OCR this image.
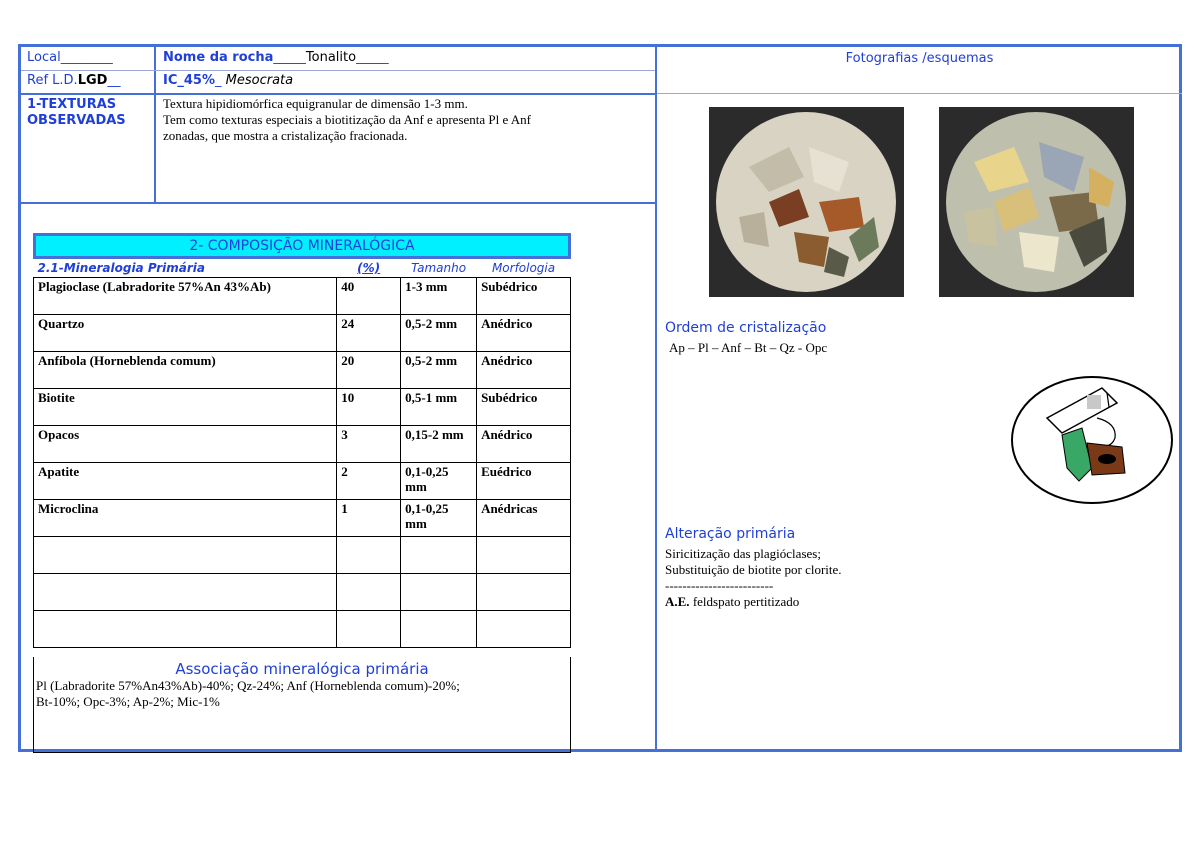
Local________
Ref L.D.LGD__
Nome da rocha_____Tonalito_____
IC_45%_ Mesocrata
Fotografias /esquemas
1-TEXTURAS
OBSERVADAS
Textura hipidiomórfica equigranular de dimensão 1-3 mm.
Tem como texturas especiais a biotitização da Anf e apresenta Pl e Anf
zonadas, que mostra a cristalização fracionada.
2- COMPOSIÇÃO MINERALÓGICA
2.1-Mineralogia Primária	(%)	Tamanho	Morfologia
Plagioclase (Labradorite 57%An 43%Ab)	40	1-3 mm	Subédrico
Quartzo	24	0,5-2 mm	Anédrico
Anfíbola (Horneblenda comum)	20	0,5-2 mm	Anédrico
Biotite	10	0,5-1 mm	Subédrico
Opacos	3	0,15-2 mm	Anédrico
Apatite	2	0,1-0,25 mm	Euédrico
Microclina	1	0,1-0,25 mm	Anédricas

Associação mineralógica primária
Pl (Labradorite 57%An43%Ab)-40%; Qz-24%; Anf (Horneblenda comum)-20%;
Bt-10%; Opc-3%; Ap-2%; Mic-1%
Ordem de cristalização
Ap – Pl – Anf – Bt – Qz - Opc
Alteração primária
Siricitização das plagióclases;
Substituição de biotite por clorite.
-------------------------
A.E. feldspato pertitizado
